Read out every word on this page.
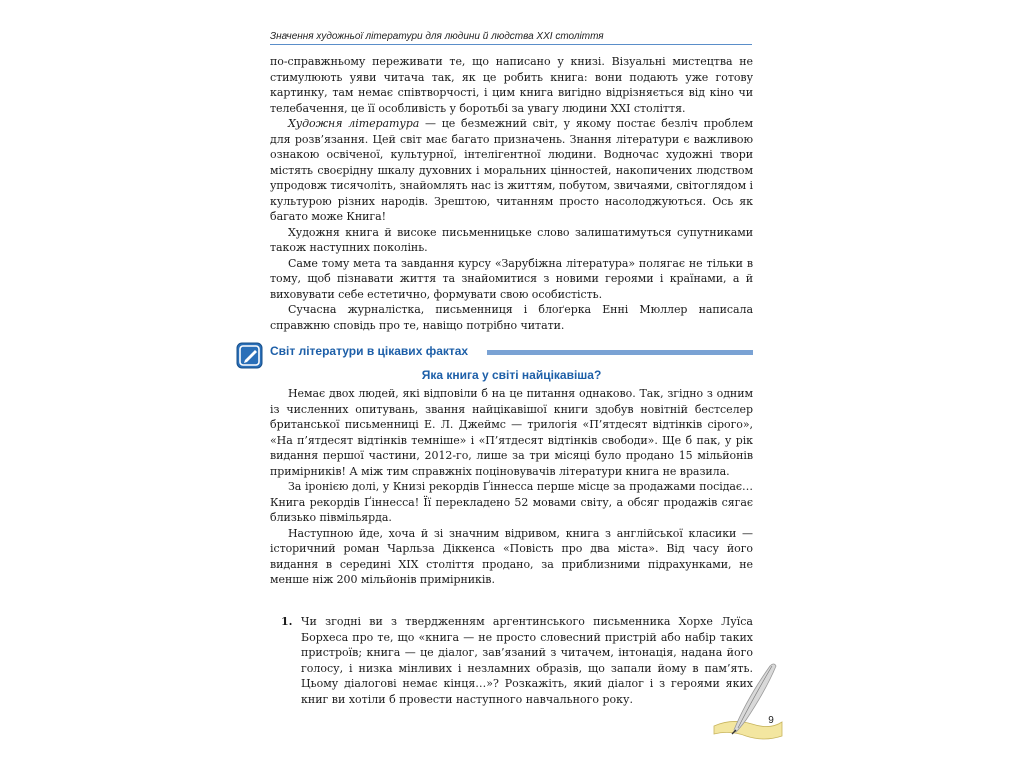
Значення художньої літератури для людини й людства XXI століття

по-справжньому переживати те, що написано у книзі. Візуальні мистецтва не стимулюють уяви читача так, як це робить книга: вони подають уже готову картинку, там немає співтворчості, і цим книга вигідно відрізняється від кіно чи телебачення, це її особливість у боротьбі за увагу людини XXI століття.

Художня література — це безмежний світ, у якому постає безліч проблем для розв’язання. Цей світ має багато призначень. Знання літератури є важливою ознакою освіченої, культурної, інтелігентної людини. Водночас художні твори містять своєрідну шкалу духовних і моральних цінностей, накопичених людством упродовж тисячоліть, знайомлять нас із життям, побутом, звичаями, світоглядом і культурою різних народів. Зрештою, читанням просто насолоджуються. Ось як багато може Книга!

Художня книга й високе письменницьке слово залишатимуться супутниками також наступних поколінь.

Саме тому мета та завдання курсу «Зарубіжна література» полягає не тільки в тому, щоб пізнавати життя та знайомитися з новими героями і країнами, а й виховувати себе естетично, формувати свою особистість.

Сучасна журналістка, письменниця і блоґерка Енні Мюллер написала справжню сповідь про те, навіщо потрібно читати.

Світ літератури в цікавих фактах
Яка книга у світі найцікавіша?

Немає двох людей, які відповіли б на це питання однаково. Так, згідно з одним із численних опитувань, звання найцікавішої книги здобув новітній бестселер британської письменниці Е. Л. Джеймс — трилогія «П’ятдесят відтінків сірого», «На п’ятдесят відтінків темніше» і «П’ятдесят відтінків свободи». Ще б пак, у рік видання першої частини, 2012-го, лише за три місяці було продано 15 мільйонів примірників! А між тим справжніх поціновувачів літератури книга не вразила.

За іронією долі, у Книзі рекордів Ґіннесса перше місце за продажами посідає… Книга рекордів Ґіннесса! Її перекладено 52 мовами світу, а обсяг продажів сягає близько півмільярда.

Наступною йде, хоча й зі значним відривом, книга з англійської класики — історичний роман Чарльза Діккенса «Повість про два міста». Від часу його видання в середині XIX століття продано, за приблизними підрахунками, не менше ніж 200 мільйонів примірників.

1. Чи згодні ви з твердженням аргентинського письменника Хорхе Луїса Борхеса про те, що «книга — не просто словесний пристрій або набір таких пристроїв; книга — це діалог, зав’язаний з читачем, інтонація, надана його голосу, і низка мінливих і незламних образів, що запали йому в пам’ять. Цьому діалогові немає кінця…»? Розкажіть, який діалог і з героями яких книг ви хотіли б провести наступного навчального року.
9
